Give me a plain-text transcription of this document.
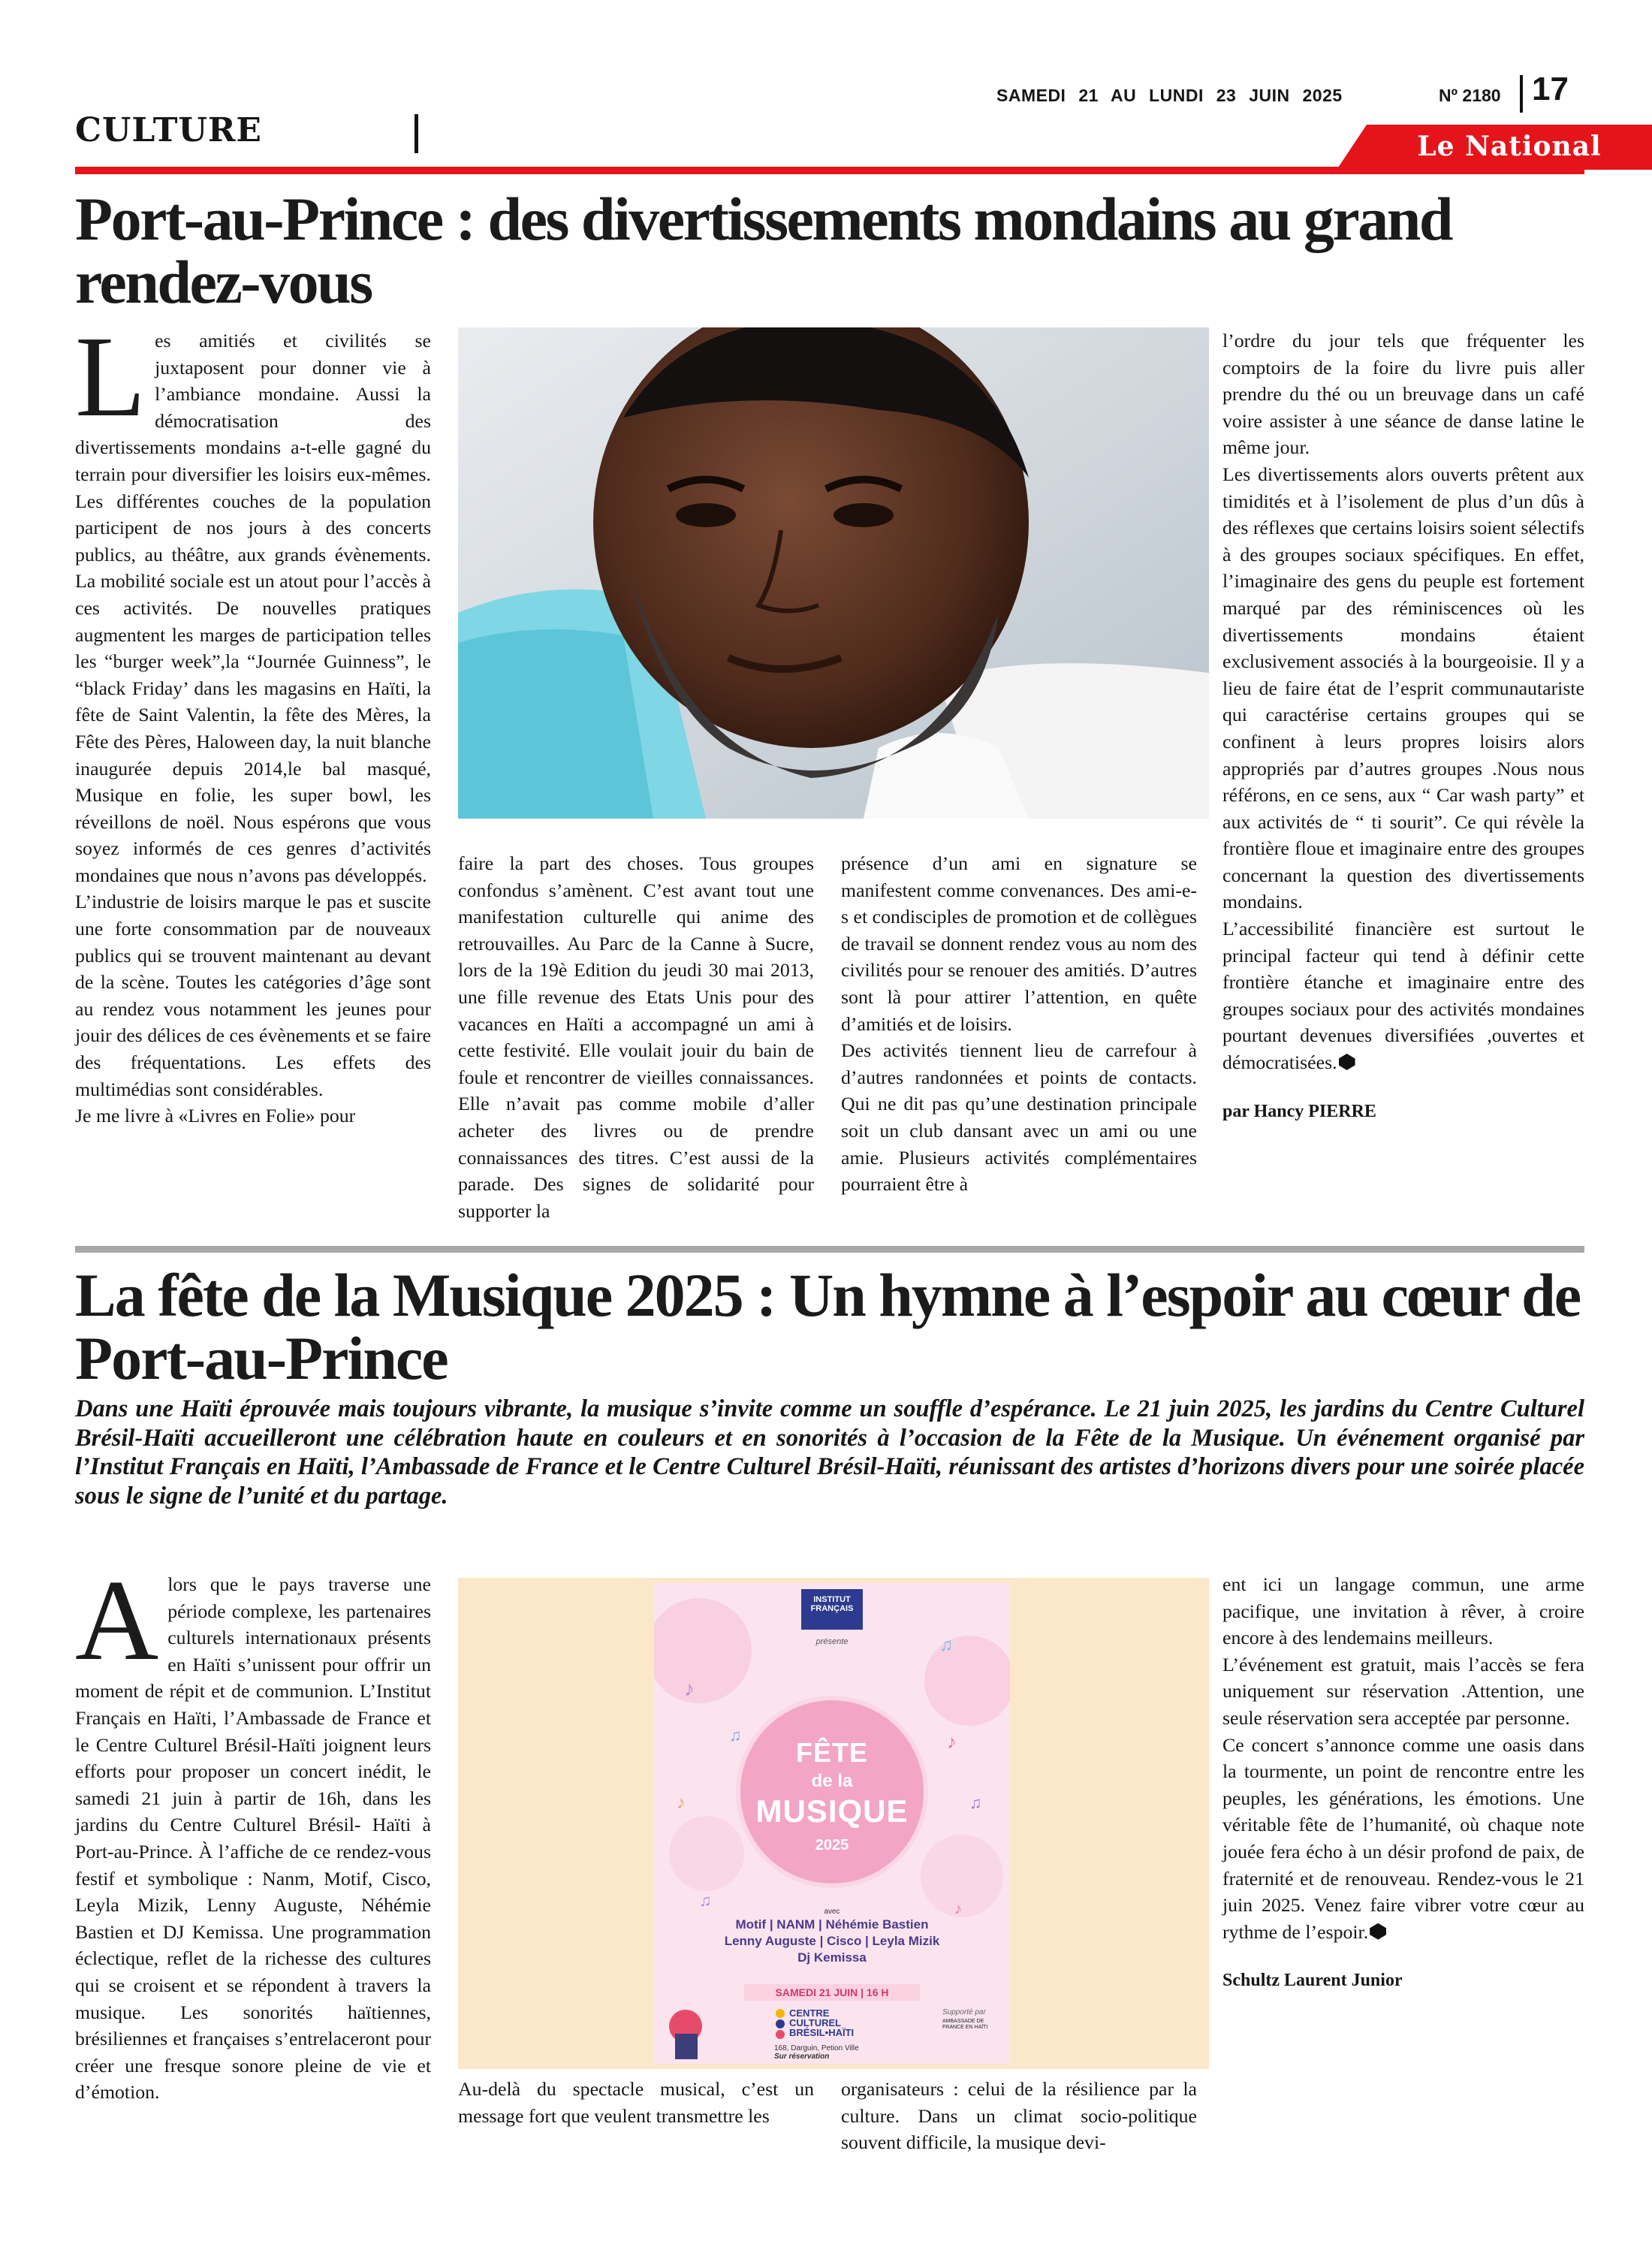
CULTURE
SAMEDI 21 AU LUNDI 23 JUIN 2025	Nº 2180 17
Le National
Port-au-Prince : des divertissements mondains au grand rendez-vous
L es amitiés et civilités se juxtaposent pour donner vie à l’ambiance mondaine. Aussi la démocratisation des divertissements mondains a-t-elle gagné du terrain pour diversifier les loisirs eux-mêmes. Les différentes couches de la population participent de nos jours à des concerts publics, au théâtre, aux grands évènements. La mobilité sociale est un atout pour l’accès à ces activités. De nouvelles pratiques augmentent les marges de participation telles les “burger week”,la “Journée Guinness”, le “black Friday’ dans les magasins en Haïti, la fête de Saint Valentin, la fête des Mères, la Fête des Pères, Haloween day, la nuit blanche inaugurée depuis 2014,le bal masqué, Musique en folie, les super bowl, les réveillons de noël. Nous espérons que vous soyez informés de ces genres d’activités mondaines que nous n’avons pas développés.

L’industrie de loisirs marque le pas et suscite une forte consommation par de nouveaux publics qui se trouvent maintenant au devant de la scène. Toutes les catégories d’âge sont au rendez vous notamment les jeunes pour jouir des délices de ces évènements et se faire des fréquentations. Les effets des multimédias sont considérables.

Je me livre à «Livres en Folie» pour

faire la part des choses. Tous groupes confondus s’amènent. C’est avant tout une manifestation culturelle qui anime des retrouvailles. Au Parc de la Canne à Sucre, lors de la 19è Edition du jeudi 30 mai 2013, une fille revenue des Etats Unis pour des vacances en Haïti a accompagné un ami à cette festivité. Elle voulait jouir du bain de foule et rencontrer de vieilles connaissances. Elle n’avait pas comme mobile d’aller acheter des livres ou de prendre connaissances des titres. C’est aussi de la parade. Des signes de solidarité pour supporter la

présence d’un ami en signature se manifestent comme convenances. Des ami-e-s et condisciples de promotion et de collègues de travail se donnent rendez vous au nom des civilités pour se renouer des amitiés. D’autres sont là pour attirer l’attention, en quête d’amitiés et de loisirs.

Des activités tiennent lieu de carrefour à d’autres randonnées et points de contacts. Qui ne dit pas qu’une destination principale soit un club dansant avec un ami ou une amie. Plusieurs activités complémentaires pourraient être à

l’ordre du jour tels que fréquenter les comptoirs de la foire du livre puis aller prendre du thé ou un breuvage dans un café voire assister à une séance de danse latine le même jour.

Les divertissements alors ouverts prêtent aux timidités et à l’isolement de plus d’un dûs à des réflexes que certains loisirs soient sélectifs à des groupes sociaux spécifiques. En effet, l’imaginaire des gens du peuple est fortement marqué par des réminiscences où les divertissements mondains étaient exclusivement associés à la bourgeoisie. Il y a lieu de faire état de l’esprit communautariste qui caractérise certains groupes qui se confinent à leurs propres loisirs alors appropriés par d’autres groupes .Nous nous référons, en ce sens, aux “ Car wash party” et aux activités de “ ti sourit”. Ce qui révèle la frontière floue et imaginaire entre des groupes concernant la question des divertissements mondains.

L’accessibilité financière est surtout le principal facteur qui tend à définir cette frontière étanche et imaginaire entre des groupes sociaux pour des activités mondaines pourtant devenues diversifiées ,ouvertes et démocratisées.

par Hancy PIERRE

La fête de la Musique 2025 : Un hymne à l’espoir au cœur de Port-au-Prince
Dans une Haïti éprouvée mais toujours vibrante, la musique s’invite comme un souffle d’espérance. Le 21 juin 2025, les jardins du Centre Culturel Brésil-Haïti accueilleront une célébration haute en couleurs et en sonorités à l’occasion de la Fête de la Musique. Un événement organisé par l’Institut Français en Haïti, l’Ambassade de France et le Centre Culturel Brésil-Haïti, réunissant des artistes d’horizons divers pour une soirée placée sous le signe de l’unité et du partage.
A lors que le pays traverse une période complexe, les partenaires culturels internationaux présents en Haïti s’unissent pour offrir un moment de répit et de communion. L’Institut Français en Haïti, l’Ambassade de France et le Centre Culturel Brésil-Haïti joignent leurs efforts pour proposer un concert inédit, le samedi 21 juin à partir de 16h, dans les jardins du Centre Culturel Brésil- Haïti à Port-au-Prince. À l’affiche de ce rendez-vous festif et symbolique : Nanm, Motif, Cisco, Leyla Mizik, Lenny Auguste, Néhémie Bastien et DJ Kemissa. Une programmation éclectique, reflet de la richesse des cultures qui se croisent et se répondent à travers la musique. Les sonorités haïtiennes, brésiliennes et françaises s’entrelaceront pour créer une fresque sonore pleine de vie et d’émotion.

♪
♫	♪
♫
♪
♫
♫	♪
INSTITUT FRANÇAIS
présente
FÊTE
de la
MUSIQUE
2025
avec
Motif | NANM | Néhémie Bastien
Lenny Auguste | Cisco | Leyla Mizik
Dj Kemissa
SAMEDI 21 JUIN | 16 H
CENTRE CULTUREL BRÉSIL•HAÏTI
168, Darguin, Petion Ville
Sur réservation
Supporté par
AMBASSADE DE FRANCE EN HAÏTI

Au-delà du spectacle musical, c’est un message fort que veulent transmettre les

organisateurs : celui de la résilience par la culture. Dans un climat socio-politique souvent difficile, la musique devi-

ent ici un langage commun, une arme pacifique, une invitation à rêver, à croire encore à des lendemains meilleurs.

L’événement est gratuit, mais l’accès se fera uniquement sur réservation .Attention, une seule réservation sera acceptée par personne.

Ce concert s’annonce comme une oasis dans la tourmente, un point de rencontre entre les peuples, les générations, les émotions. Une véritable fête de l’humanité, où chaque note jouée fera écho à un désir profond de paix, de fraternité et de renouveau. Rendez-vous le 21 juin 2025. Venez faire vibrer votre cœur au rythme de l’espoir.

Schultz Laurent Junior
